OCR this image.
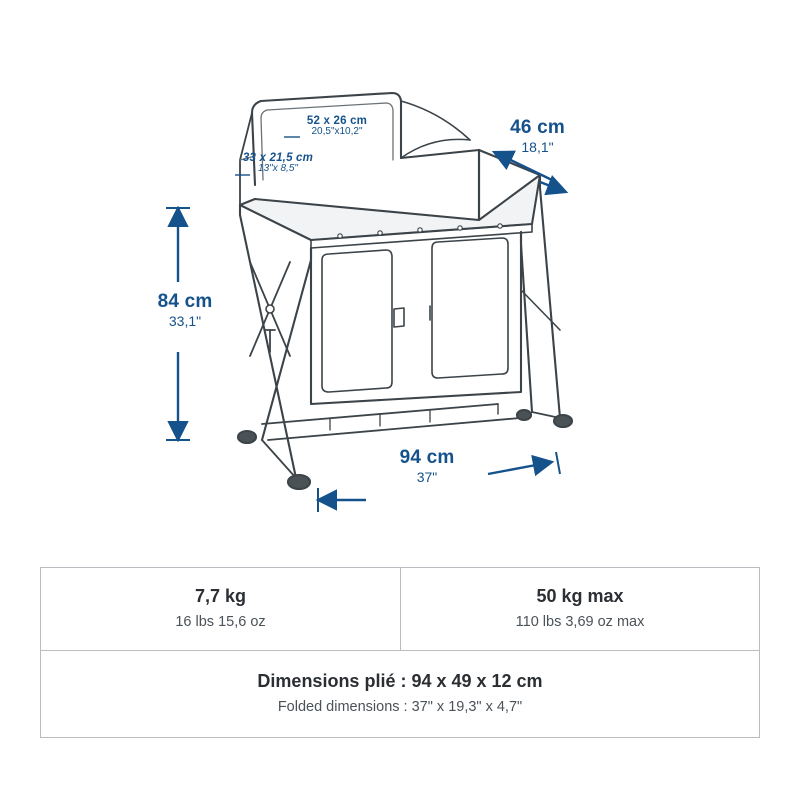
84 cm
33,1"
94 cm
37"
46 cm
18,1"
52 x 26 cm
20,5"x10,2"
33 x 21,5 cm
13"x 8,5"
7,7 kg
16 lbs 15,6 oz
50 kg max
110 lbs 3,69 oz max
Dimensions plié : 94 x 49 x 12 cm
Folded dimensions : 37" x 19,3" x 4,7"
